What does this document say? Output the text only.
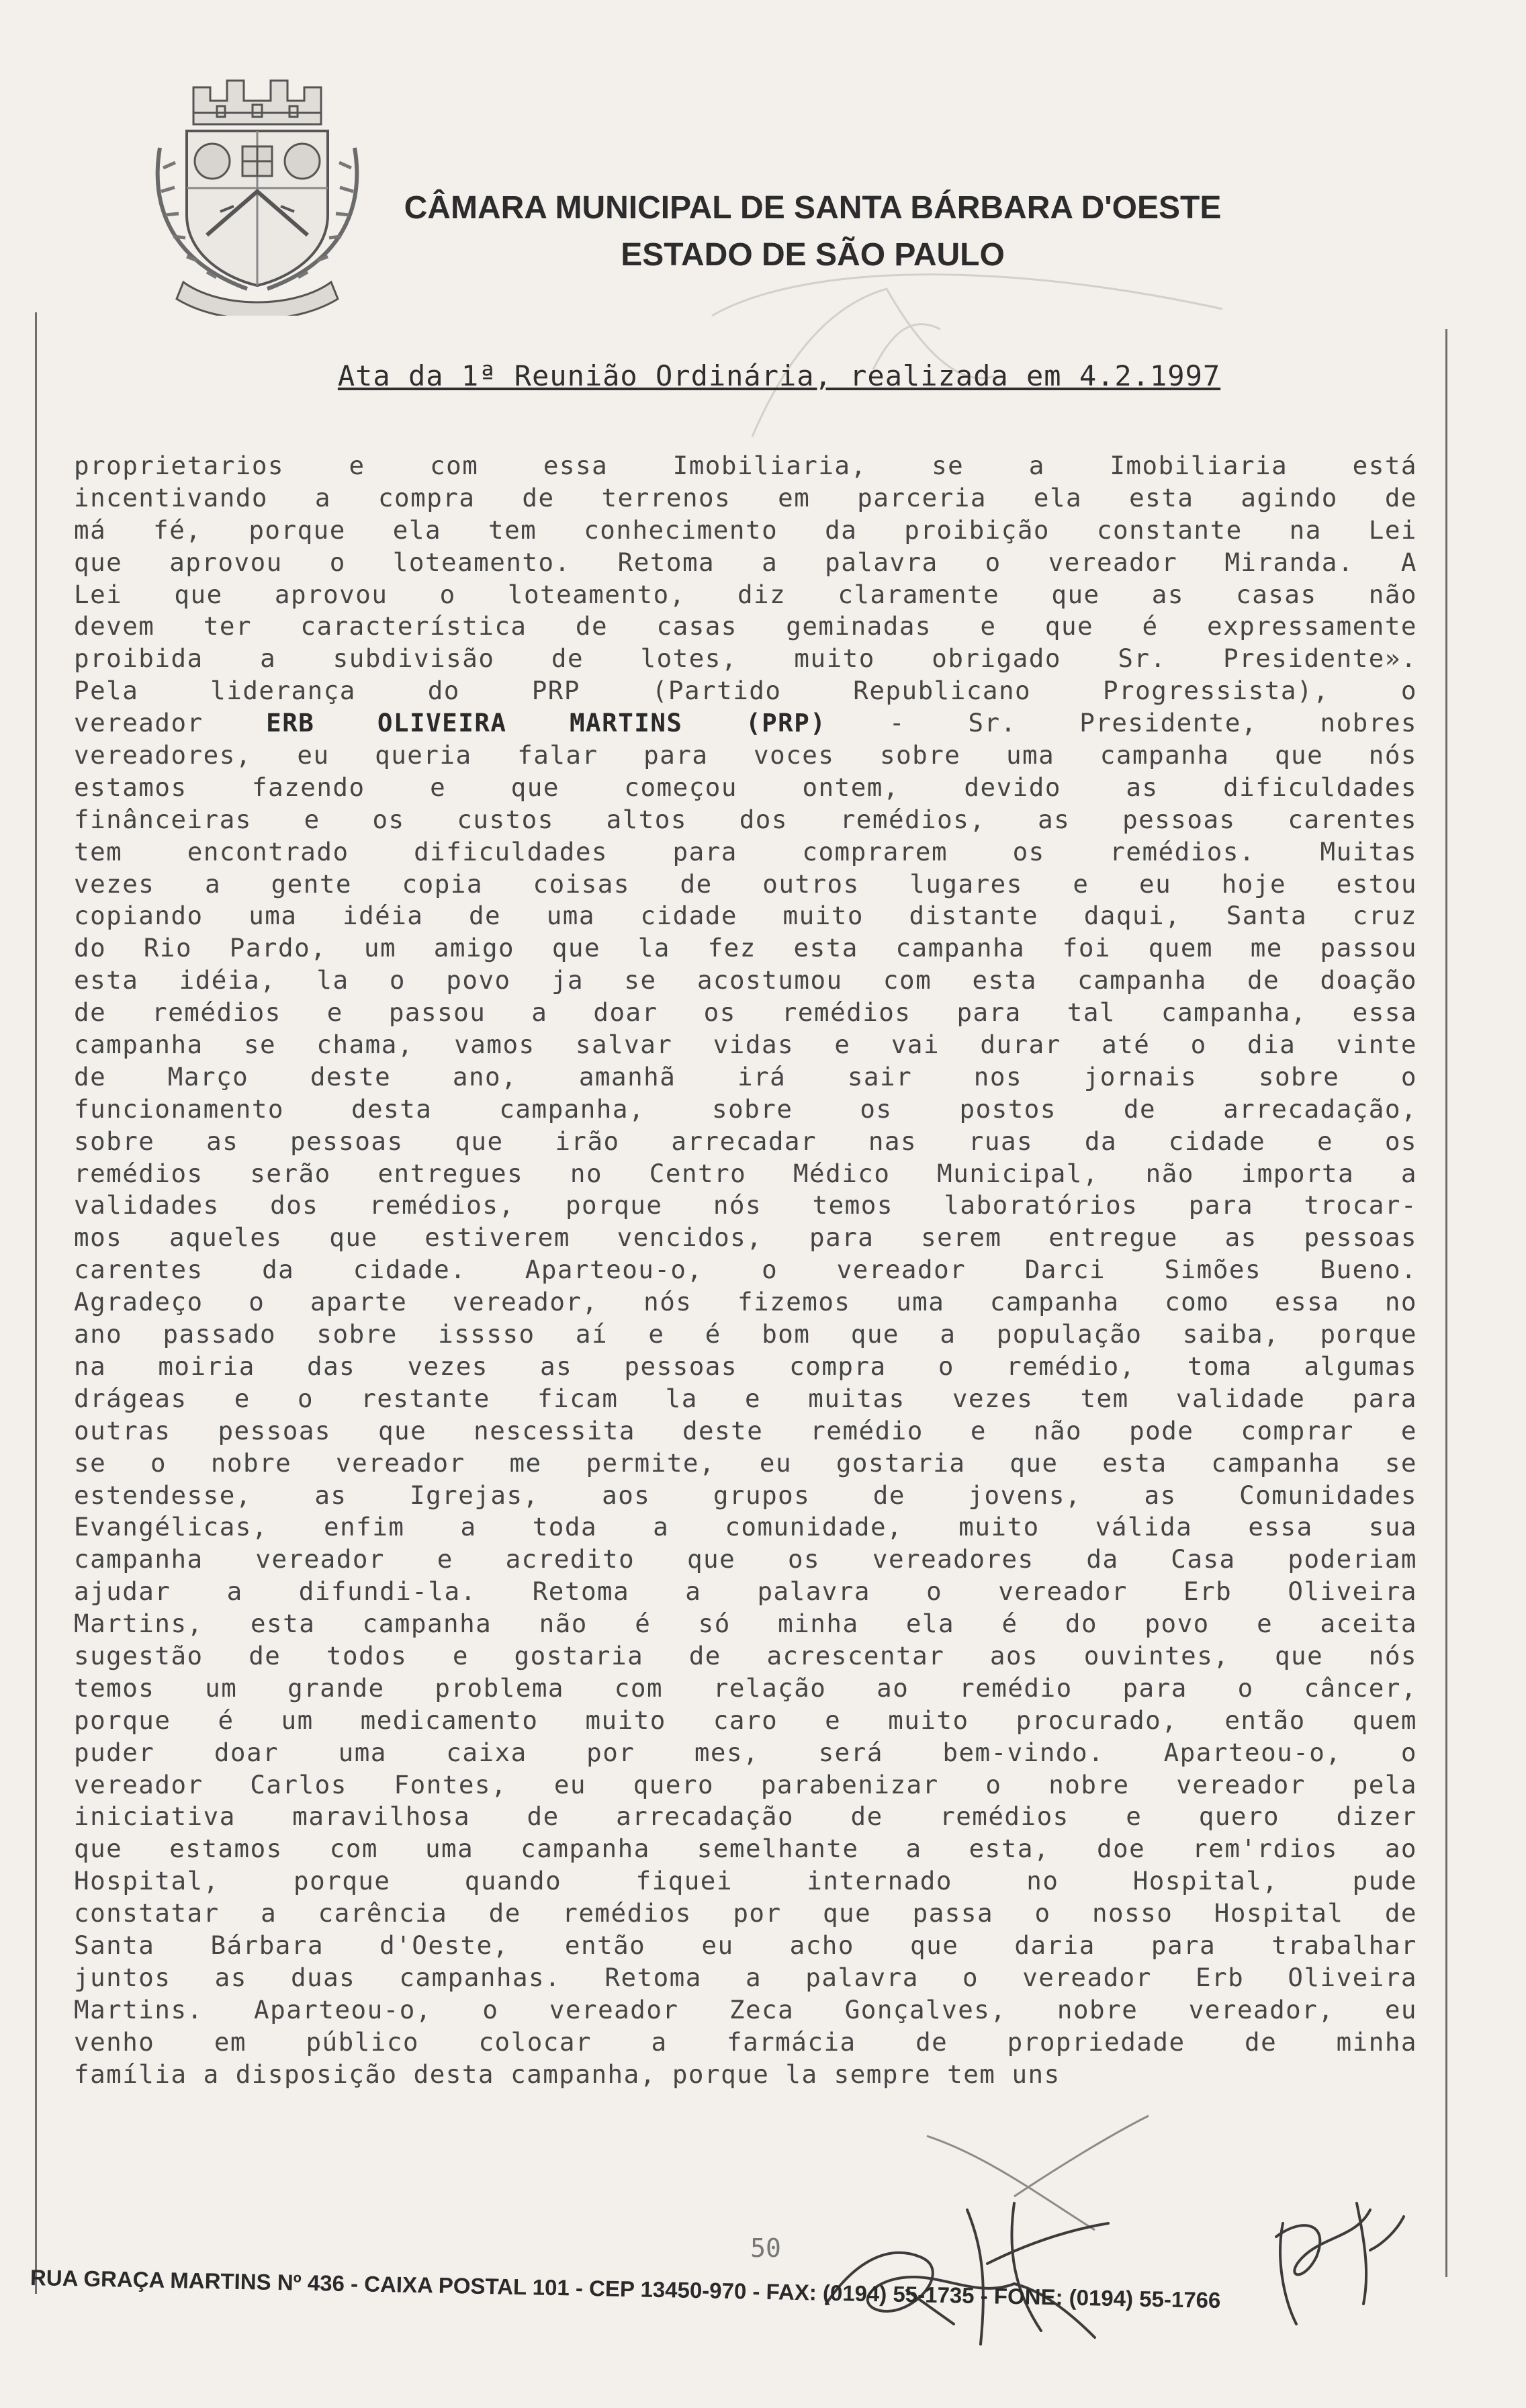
CÂMARA MUNICIPAL DE SANTA BÁRBARA D'OESTE
ESTADO DE SÃO PAULO
Ata da 1ª Reunião Ordinária, realizada em 4.2.1997
proprietarios e com essa Imobiliaria, se a Imobiliaria está
incentivando a compra de terrenos em parceria ela esta agindo de
má fé, porque ela tem conhecimento da proibição constante na Lei
que aprovou o loteamento. Retoma a palavra o vereador Miranda. A
Lei que aprovou o loteamento, diz claramente que as casas não
devem ter característica de casas geminadas e que é expressamente
proibida a subdivisão de lotes, muito obrigado Sr. Presidente».
Pela liderança do PRP (Partido Republicano Progressista), o
vereador ERB OLIVEIRA MARTINS (PRP) - Sr. Presidente, nobres
vereadores, eu queria falar para voces sobre uma campanha que nós
estamos fazendo e que começou ontem, devido as dificuldades
finânceiras e os custos altos dos remédios, as pessoas carentes
tem encontrado dificuldades para comprarem os remédios. Muitas
vezes a gente copia coisas de outros lugares e eu hoje estou
copiando uma idéia de uma cidade muito distante daqui, Santa cruz
do Rio Pardo, um amigo que la fez esta campanha foi quem me passou
esta idéia, la o povo ja se acostumou com esta campanha de doação
de remédios e passou a doar os remédios para tal campanha, essa
campanha se chama, vamos salvar vidas e vai durar até o dia vinte
de Março deste ano, amanhã irá sair nos jornais sobre o
funcionamento desta campanha, sobre os postos de arrecadação,
sobre as pessoas que irão arrecadar nas ruas da cidade e os
remédios serão entregues no Centro Médico Municipal, não importa a
validades dos remédios, porque nós temos laboratórios para trocar-
mos aqueles que estiverem vencidos, para serem entregue as pessoas
carentes da cidade. Aparteou-o, o vereador Darci Simões Bueno.
Agradeço o aparte vereador, nós fizemos uma campanha como essa no
ano passado sobre isssso aí e é bom que a população saiba, porque
na moiria das vezes as pessoas compra o remédio, toma algumas
drágeas e o restante ficam la e muitas vezes tem validade para
outras pessoas que nescessita deste remédio e não pode comprar e
se o nobre vereador me permite, eu gostaria que esta campanha se
estendesse, as Igrejas, aos grupos de jovens, as Comunidades
Evangélicas, enfim a toda a comunidade, muito válida essa sua
campanha vereador e acredito que os vereadores da Casa poderiam
ajudar a difundi-la. Retoma a palavra o vereador Erb Oliveira
Martins, esta campanha não é só minha ela é do povo e aceita
sugestão de todos e gostaria de acrescentar aos ouvintes, que nós
temos um grande problema com relação ao remédio para o câncer,
porque é um medicamento muito caro e muito procurado, então quem
puder doar uma caixa por mes, será bem-vindo. Aparteou-o, o
vereador Carlos Fontes, eu quero parabenizar o nobre vereador pela
iniciativa maravilhosa de arrecadação de remédios e quero dizer
que estamos com uma campanha semelhante a esta, doe rem'rdios ao
Hospital, porque quando fiquei internado no Hospital, pude
constatar a carência de remédios por que passa o nosso Hospital de
Santa Bárbara d'Oeste, então eu acho que daria para trabalhar
juntos as duas campanhas. Retoma a palavra o vereador Erb Oliveira
Martins. Aparteou-o, o vereador Zeca Gonçalves, nobre vereador, eu
venho em público colocar a farmácia de propriedade de minha
família a disposição desta campanha, porque la sempre tem uns
50
RUA GRAÇA MARTINS Nº 436 - CAIXA POSTAL 101 - CEP 13450-970 - FAX: (0194) 55-1735 - FONE: (0194) 55-1766
